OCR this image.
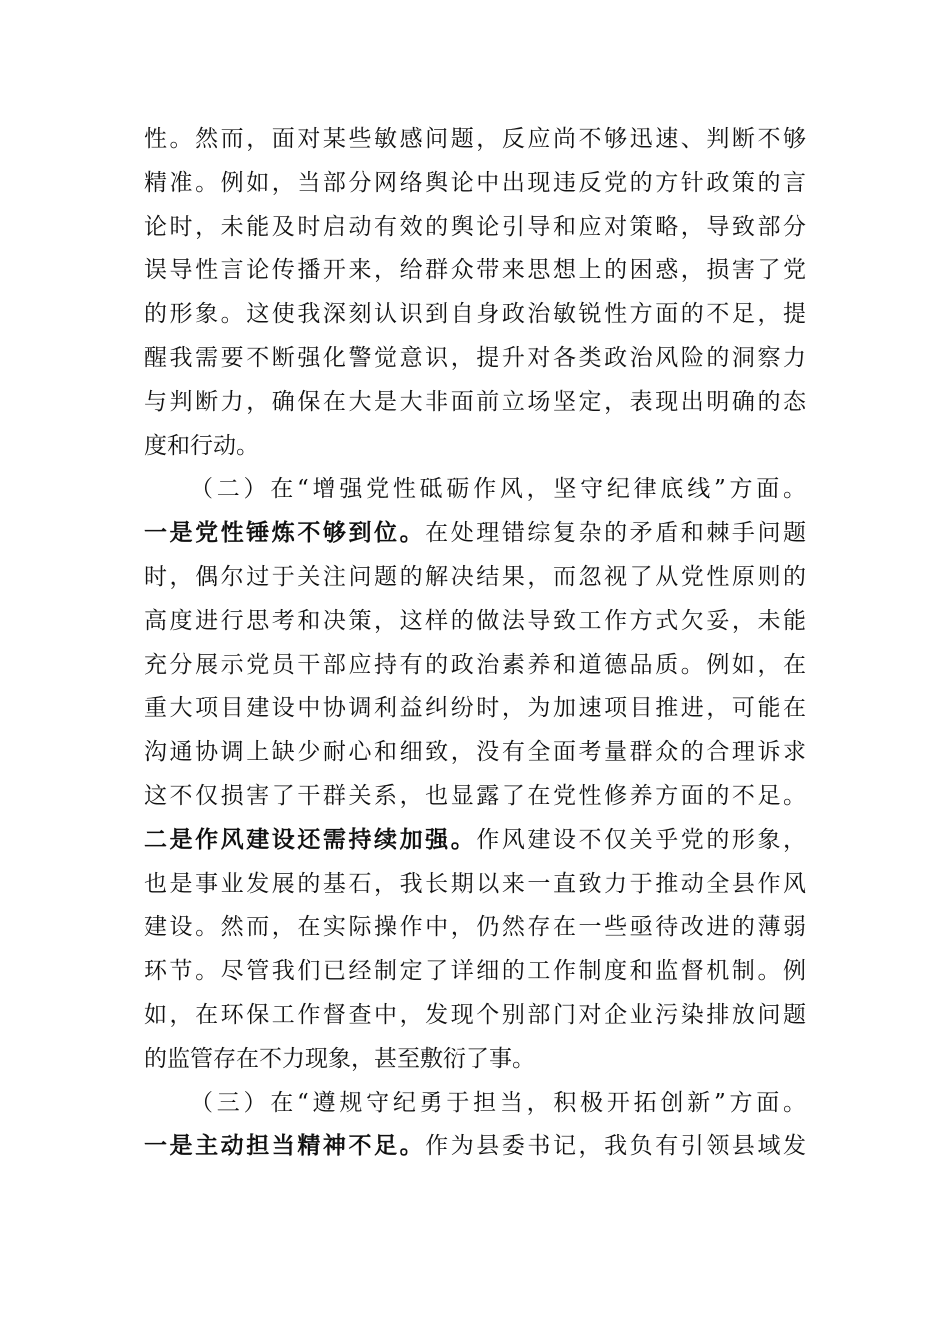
性。然而，面对某些敏感问题，反应尚不够迅速、判断不够
精准。例如，当部分网络舆论中出现违反党的方针政策的言
论时，未能及时启动有效的舆论引导和应对策略，导致部分
误导性言论传播开来，给群众带来思想上的困惑，损害了党
的形象。这使我深刻认识到自身政治敏锐性方面的不足，提
醒我需要不断强化警觉意识，提升对各类政治风险的洞察力
与判断力，确保在大是大非面前立场坚定，表现出明确的态
度和行动。
（二）在“增强党性砥砺作风，坚守纪律底线”方面。
一是党性锤炼不够到位。在处理错综复杂的矛盾和棘手问题
时，偶尔过于关注问题的解决结果，而忽视了从党性原则的
高度进行思考和决策，这样的做法导致工作方式欠妥，未能
充分展示党员干部应持有的政治素养和道德品质。例如，在
重大项目建设中协调利益纠纷时，为加速项目推进，可能在
沟通协调上缺少耐心和细致，没有全面考量群众的合理诉求
这不仅损害了干群关系，也显露了在党性修养方面的不足。
二是作风建设还需持续加强。作风建设不仅关乎党的形象，
也是事业发展的基石，我长期以来一直致力于推动全县作风
建设。然而，在实际操作中，仍然存在一些亟待改进的薄弱
环节。尽管我们已经制定了详细的工作制度和监督机制。例
如，在环保工作督查中，发现个别部门对企业污染排放问题
的监管存在不力现象，甚至敷衍了事。
（三）在“遵规守纪勇于担当，积极开拓创新”方面。
一是主动担当精神不足。作为县委书记，我负有引领县域发
